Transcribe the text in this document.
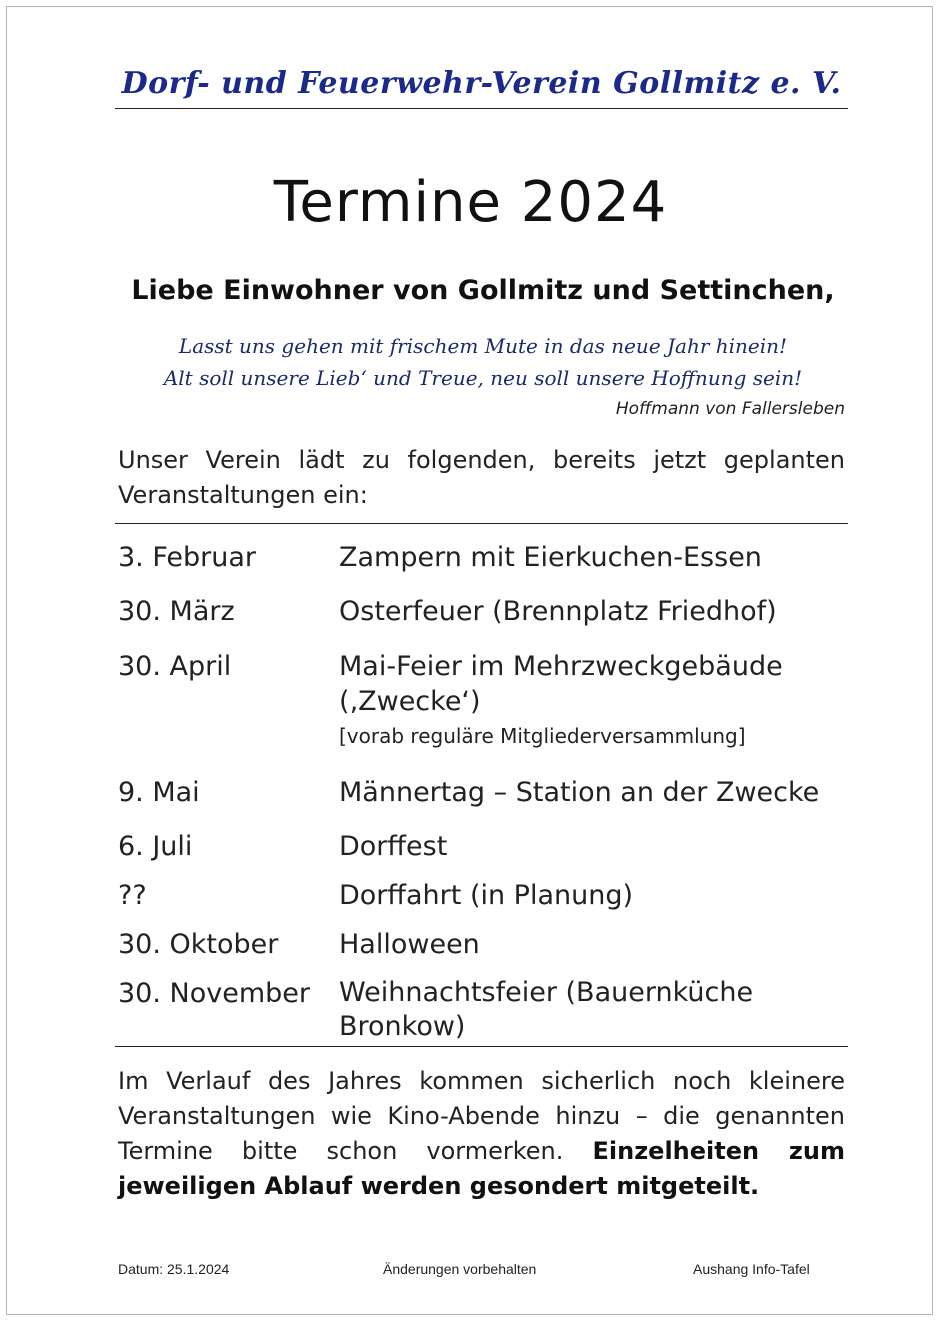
Dorf- und Feuerwehr-Verein Gollmitz e. V.
Termine 2024
Liebe Einwohner von Gollmitz und Settinchen,
Lasst uns gehen mit frischem Mute in das neue Jahr hinein!
Alt soll unsere Lieb‘ und Treue, neu soll unsere Hoffnung sein!
Hoffmann von Fallersleben
Unser Verein lädt zu folgenden, bereits jetzt geplanten Veranstaltungen ein:
3. Februar	Zampern mit Eierkuchen-Essen
30. März	Osterfeuer (Brennplatz Friedhof)
30. April	Mai-Feier im Mehrzweckgebäude (‚Zwecke‘)
[vorab reguläre Mitgliederversammlung]
9. Mai	Männertag – Station an der Zwecke
6. Juli	Dorffest
??	Dorffahrt (in Planung)
30. Oktober Halloween
30. November Weihnachtsfeier (Bauernküche Bronkow)
Im Verlauf des Jahres kommen sicherlich noch kleinere Veranstaltungen wie Kino-Abende hinzu – die genannten Termine bitte schon vormerken. Einzelheiten zum jeweiligen Ablauf werden gesondert mitgeteilt.
Datum: 25.1.2024	Änderungen vorbehalten	Aushang Info-Tafel
